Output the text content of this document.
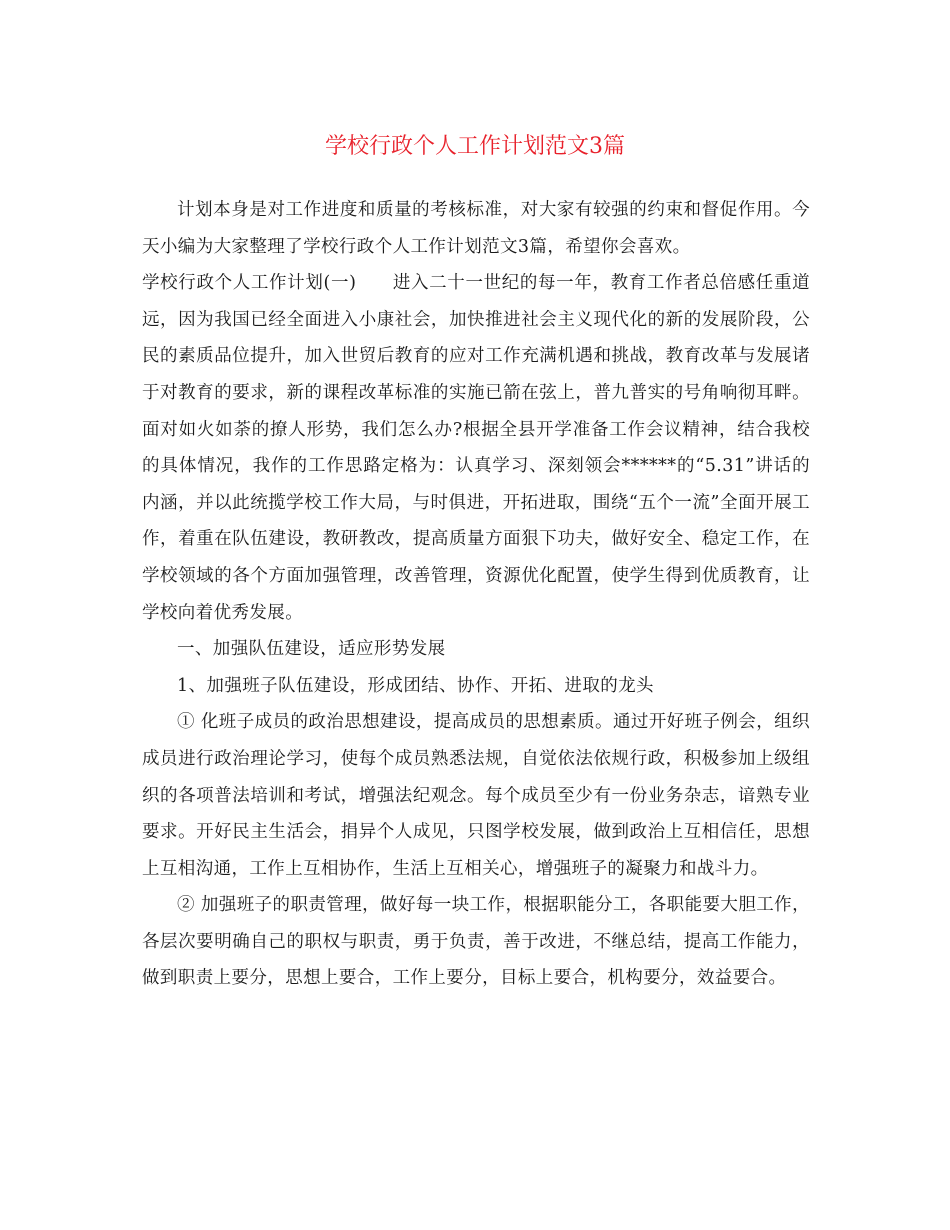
学校行政个人工作计划范文3篇

计划本身是对工作进度和质量的考核标准，对大家有较强的约束和督促作用。今天小编为大家整理了学校行政个人工作计划范文3篇，希望你会喜欢。

学校行政个人工作计划(一)　　进入二十一世纪的每一年，教育工作者总倍感任重道远，因为我国已经全面进入小康社会，加快推进社会主义现代化的新的发展阶段，公民的素质品位提升，加入世贸后教育的应对工作充满机遇和挑战，教育改革与发展诸于对教育的要求，新的课程改革标准的实施已箭在弦上，普九普实的号角响彻耳畔。面对如火如荼的撩人形势，我们怎么办?根据全县开学准备工作会议精神，结合我校的具体情况，我作的工作思路定格为：认真学习、深刻领会******的“5.31”讲话的内涵，并以此统揽学校工作大局，与时俱进，开拓进取，围绕“五个一流”全面开展工作，着重在队伍建设，教研教改，提高质量方面狠下功夫，做好安全、稳定工作，在学校领域的各个方面加强管理，改善管理，资源优化配置，使学生得到优质教育，让学校向着优秀发展。

一、加强队伍建设，适应形势发展

1、加强班子队伍建设，形成团结、协作、开拓、进取的龙头

① 化班子成员的政治思想建设，提高成员的思想素质。通过开好班子例会，组织成员进行政治理论学习，使每个成员熟悉法规，自觉依法依规行政，积极参加上级组织的各项普法培训和考试，增强法纪观念。每个成员至少有一份业务杂志，谙熟专业要求。开好民主生活会，捐异个人成见，只图学校发展，做到政治上互相信任，思想上互相沟通，工作上互相协作，生活上互相关心，增强班子的凝聚力和战斗力。

② 加强班子的职责管理，做好每一块工作，根据职能分工，各职能要大胆工作，各层次要明确自己的职权与职责，勇于负责，善于改进，不继总结，提高工作能力，做到职责上要分，思想上要合，工作上要分，目标上要合，机构要分，效益要合。
